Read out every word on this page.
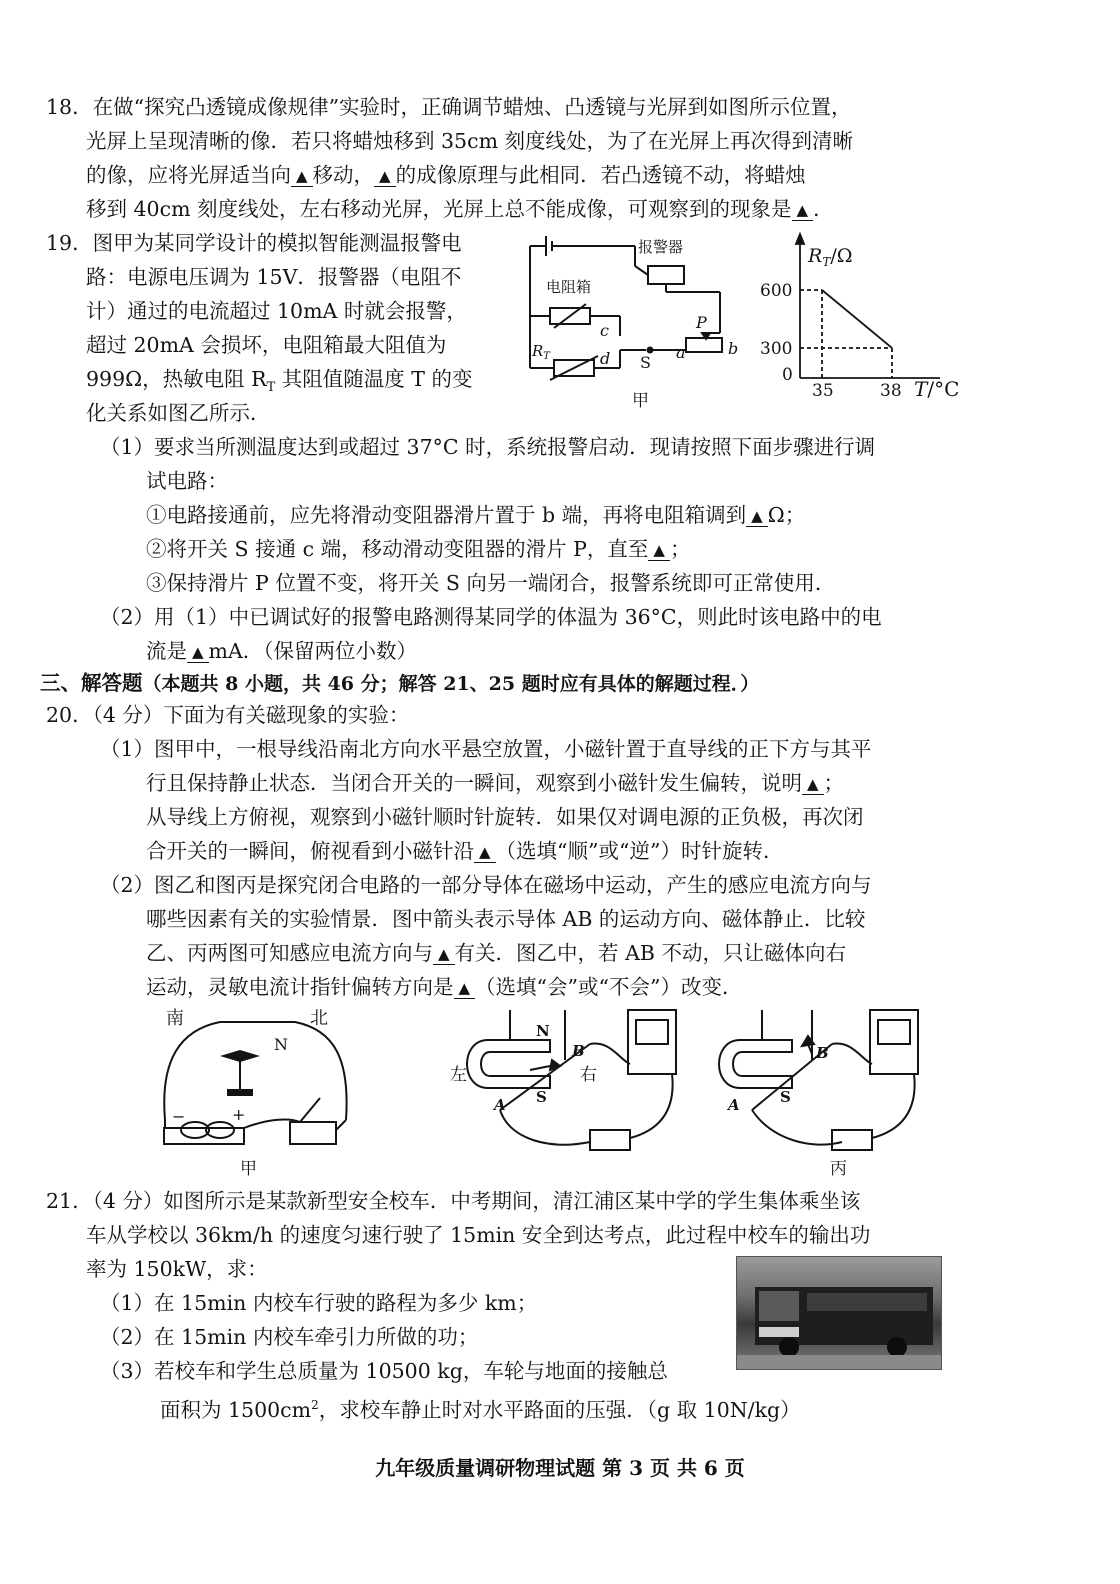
18．在做“探究凸透镜成像规律”实验时，正确调节蜡烛、凸透镜与光屏到如图所示位置，
光屏上呈现清晰的像．若只将蜡烛移到 35cm 刻度线处，为了在光屏上再次得到清晰
的像，应将光屏适当向 ▲ 移动， ▲ 的成像原理与此相同．若凸透镜不动，将蜡烛
移到 40cm 刻度线处，左右移动光屏，光屏上总不能成像，可观察到的现象是 ▲ ．
19．图甲为某同学设计的模拟智能测温报警电
路：电源电压调为 15V．报警器（电阻不
计）通过的电流超过 10mA 时就会报警，
超过 20mA 会损坏，电阻箱最大阻值为
999Ω，热敏电阻 $R_T$ 其阻值随温度 T 的变
化关系如图乙所示．
报警器
电阻箱
$R_T$
c
d S
a	b
P
甲
$R_T/\Omega$
600
300
0
35	38 T/°C
（1）要求当所测温度达到或超过 37°C 时，系统报警启动．现请按照下面步骤进行调
试电路：
①电路接通前，应先将滑动变阻器滑片置于 b 端，再将电阻箱调到 ▲ Ω；
②将开关 S 接通 c 端，移动滑动变阻器的滑片 P，直至 ▲ ；
③保持滑片 P 位置不变，将开关 S 向另一端闭合，报警系统即可正常使用．
（2）用（1）中已调试好的报警电路测得某同学的体温为 36°C，则此时该电路中的电
流是 ▲ mA．（保留两位小数）
三、解答题（本题共 8 小题，共 46 分；解答 21、25 题时应有具体的解题过程．）
20．（4 分）下面为有关磁现象的实验：
（1）图甲中，一根导线沿南北方向水平悬空放置，小磁针置于直导线的正下方与其平
行且保持静止状态．当闭合开关的一瞬间，观察到小磁针发生偏转，说明 ▲ ；
从导线上方俯视，观察到小磁针顺时针旋转．如果仅对调电源的正负极，再次闭
合开关的一瞬间，俯视看到小磁针沿 ▲ （选填“顺”或“逆”）时针旋转．
（2）图乙和图丙是探究闭合电路的一部分导体在磁场中运动，产生的感应电流方向与
哪些因素有关的实验情景．图中箭头表示导体 AB 的运动方向、磁体静止．比较
乙、丙两图可知感应电流方向与 ▲ 有关．图乙中，若 AB 不动，只让磁体向右
运动，灵敏电流计指针偏转方向是 ▲ （选填“会”或“不会”）改变．
南	北
N
−	+
甲
左	右
N
S
A
B
S
A
B
丙
21．（4 分）如图所示是某款新型安全校车．中考期间，清江浦区某中学的学生集体乘坐该
车从学校以 36km/h 的速度匀速行驶了 15min 安全到达考点，此过程中校车的输出功
率为 150kW，求：
（1）在 15min 内校车行驶的路程为多少 km；
（2）在 15min 内校车牵引力所做的功；
（3）若校车和学生总质量为 10500 kg，车轮与地面的接触总
面积为 $1500cm^2$，求校车静止时对水平路面的压强．（g 取 10N/kg）
九年级质量调研物理试题 第 3 页 共 6 页
